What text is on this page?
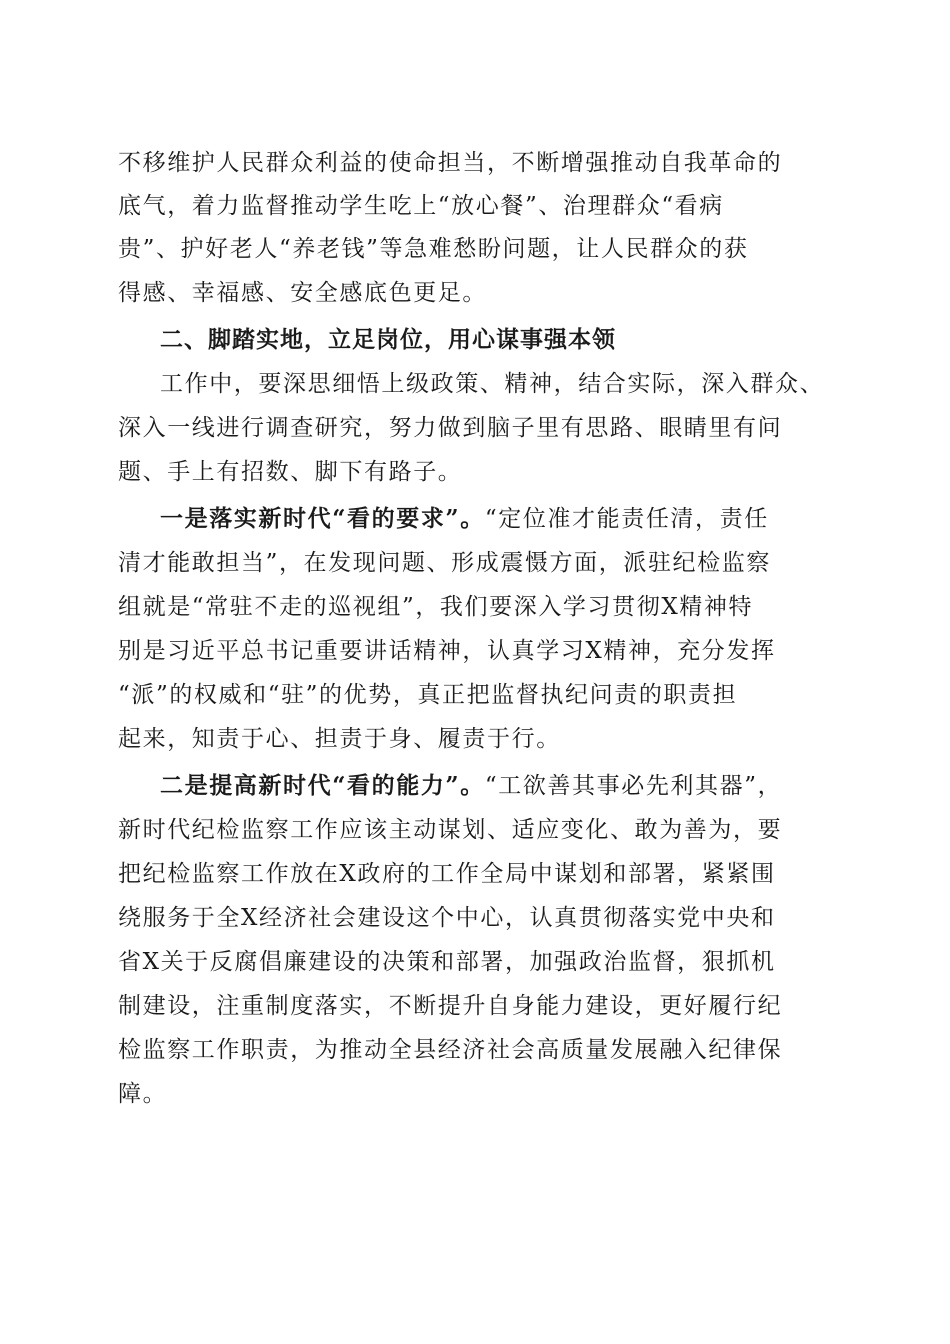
不移维护人民群众利益的使命担当，不断增强推动自我革命的
底气，着力监督推动学生吃上“放心餐”、治理群众“看病
贵”、护好老人“养老钱”等急难愁盼问题，让人民群众的获
得感、幸福感、安全感底色更足。
二、脚踏实地，立足岗位，用心谋事强本领
工作中，要深思细悟上级政策、精神，结合实际，深入群众、
深入一线进行调查研究，努力做到脑子里有思路、眼睛里有问
题、手上有招数、脚下有路子。
一是落实新时代“看的要求”。“定位准才能责任清，责任
清才能敢担当”，在发现问题、形成震慑方面，派驻纪检监察
组就是“常驻不走的巡视组”，我们要深入学习贯彻X精神特
别是习近平总书记重要讲话精神，认真学习X精神，充分发挥
“派”的权威和“驻”的优势，真正把监督执纪问责的职责担
起来，知责于心、担责于身、履责于行。
二是提高新时代“看的能力”。“工欲善其事必先利其器”，
新时代纪检监察工作应该主动谋划、适应变化、敢为善为，要
把纪检监察工作放在X政府的工作全局中谋划和部署，紧紧围
绕服务于全X经济社会建设这个中心，认真贯彻落实党中央和
省X关于反腐倡廉建设的决策和部署，加强政治监督，狠抓机
制建设，注重制度落实，不断提升自身能力建设，更好履行纪
检监察工作职责，为推动全县经济社会高质量发展融入纪律保
障。
